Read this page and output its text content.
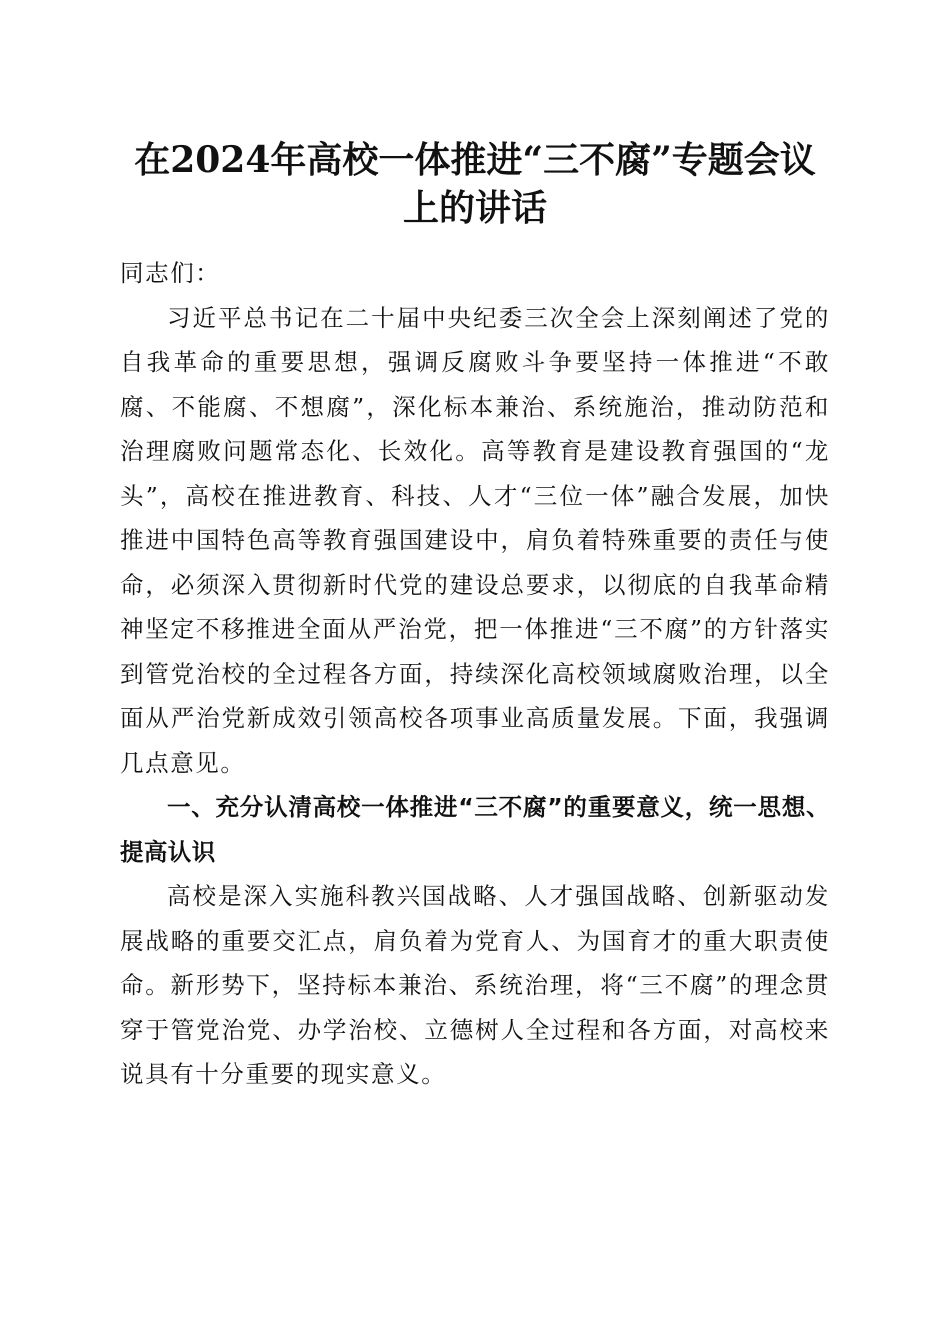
在2024年高校一体推进“三不腐”专题会议
上的讲话

同志们：

习近平总书记在二十届中央纪委三次全会上深刻阐述了党的自我革命的重要思想，强调反腐败斗争要坚持一体推进“不敢腐、不能腐、不想腐”，深化标本兼治、系统施治，推动防范和治理腐败问题常态化、长效化。高等教育是建设教育强国的“龙头”，高校在推进教育、科技、人才“三位一体”融合发展，加快推进中国特色高等教育强国建设中，肩负着特殊重要的责任与使命，必须深入贯彻新时代党的建设总要求，以彻底的自我革命精神坚定不移推进全面从严治党，把一体推进“三不腐”的方针落实到管党治校的全过程各方面，持续深化高校领域腐败治理，以全面从严治党新成效引领高校各项事业高质量发展。下面，我强调几点意见。

一、充分认清高校一体推进“三不腐”的重要意义，统一思想、提高认识

高校是深入实施科教兴国战略、人才强国战略、创新驱动发展战略的重要交汇点，肩负着为党育人、为国育才的重大职责使命。新形势下，坚持标本兼治、系统治理，将“三不腐”的理念贯穿于管党治党、办学治校、立德树人全过程和各方面，对高校来说具有十分重要的现实意义。
